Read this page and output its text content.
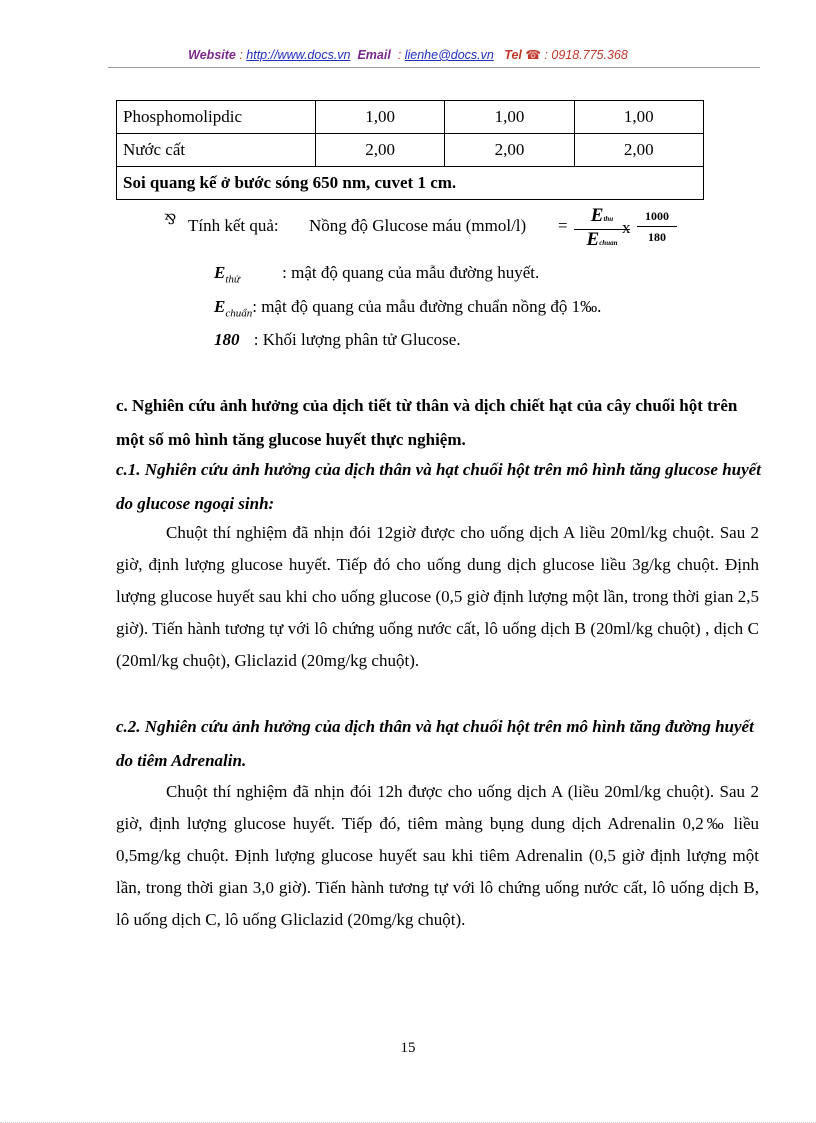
Website : http://www.docs.vn Email  : lienhe@docs.vn Tel ☎ : 0918.775.368
Phosphomolipdic	1,00	1,00	1,00
Nước cất	2,00	2,00	2,00
Soi quang kế ở bước sóng 650 nm, cuvet 1 cm.			
⅋ Tính kết quả: Nồng độ Glucose máu (mmol/l) =	Ethu
Echuan
x $\frac{1000}{180}$
$E_{thử}$ : mật độ quang của mẫu đường huyết.
$E_{chuẩn}$: mật độ quang của mẫu đường chuẩn nồng độ 1‰.
180 : Khối lượng phân tử Glucose.
c. Nghiên cứu ảnh hưởng của dịch tiết từ thân và dịch chiết hạt của cây chuối hột trên một số mô hình tăng glucose huyết thực nghiệm.
c.1. Nghiên cứu ảnh hưởng của dịch thân và hạt chuối hột trên mô hình tăng glucose huyết do glucose ngoại sinh:
Chuột thí nghiệm đã nhịn đói 12giờ được cho uống dịch A liều 20ml/kg chuột. Sau 2 giờ, định lượng glucose huyết. Tiếp đó cho uống dung dịch glucose liều 3g/kg chuột. Định lượng glucose huyết sau khi cho uống glucose (0,5 giờ định lượng một lần, trong thời gian 2,5 giờ). Tiến hành tương tự với lô chứng uống nước cất, lô uống dịch B (20ml/kg chuột) , dịch C (20ml/kg chuột), Gliclazid (20mg/kg chuột).
c.2. Nghiên cứu ảnh hưởng của dịch thân và hạt chuối hột trên mô hình tăng đường huyết do tiêm Adrenalin.
Chuột thí nghiệm đã nhịn đói 12h được cho uống dịch A (liều 20ml/kg chuột). Sau 2 giờ, định lượng glucose huyết. Tiếp đó, tiêm màng bụng dung dịch Adrenalin 0,2‰ liều 0,5mg/kg chuột. Định lượng glucose huyết sau khi tiêm Adrenalin (0,5 giờ định lượng một lần, trong thời gian 3,0 giờ). Tiến hành tương tự với lô chứng uống nước cất, lô uống dịch B, lô uống dịch C, lô uống Gliclazid (20mg/kg chuột).
15
